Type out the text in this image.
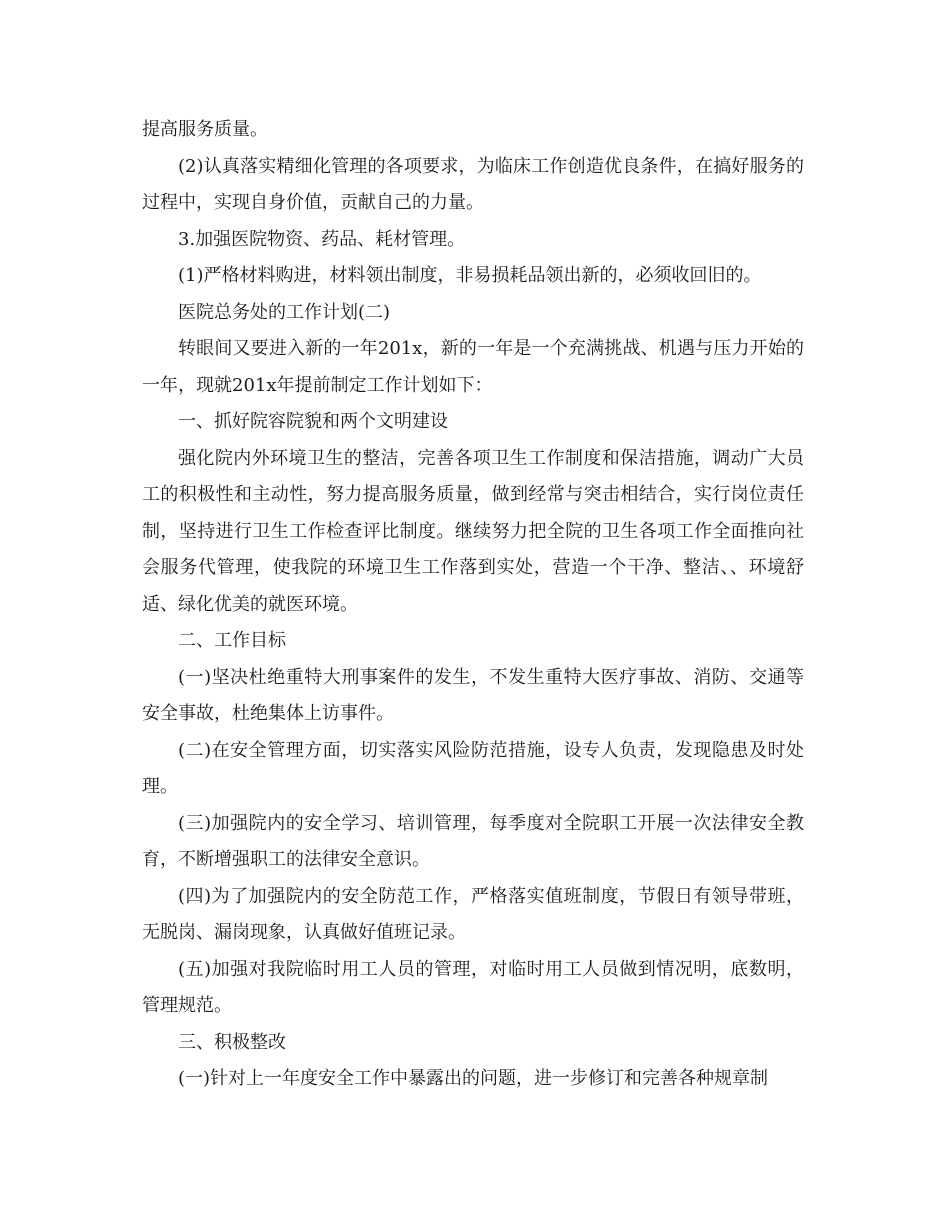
提高服务质量。

(2)认真落实精细化管理的各项要求，为临床工作创造优良条件，在搞好服务的过程中，实现自身价值，贡献自己的力量。

3.加强医院物资、药品、耗材管理。

(1)严格材料购进，材料领出制度，非易损耗品领出新的，必须收回旧的。

医院总务处的工作计划(二)

转眼间又要进入新的一年201x，新的一年是一个充满挑战、机遇与压力开始的一年，现就201x年提前制定工作计划如下：

一、抓好院容院貌和两个文明建设

强化院内外环境卫生的整洁，完善各项卫生工作制度和保洁措施，调动广大员工的积极性和主动性，努力提高服务质量，做到经常与突击相结合，实行岗位责任制，坚持进行卫生工作检查评比制度。继续努力把全院的卫生各项工作全面推向社会服务代管理，使我院的环境卫生工作落到实处，营造一个干净、整洁、、环境舒适、绿化优美的就医环境。

二、工作目标

(一)坚决杜绝重特大刑事案件的发生，不发生重特大医疗事故、消防、交通等安全事故，杜绝集体上访事件。

(二)在安全管理方面，切实落实风险防范措施，设专人负责，发现隐患及时处理。

(三)加强院内的安全学习、培训管理，每季度对全院职工开展一次法律安全教育，不断增强职工的法律安全意识。

(四)为了加强院内的安全防范工作，严格落实值班制度，节假日有领导带班，无脱岗、漏岗现象，认真做好值班记录。

(五)加强对我院临时用工人员的管理，对临时用工人员做到情况明，底数明，管理规范。

三、积极整改

(一)针对上一年度安全工作中暴露出的问题，进一步修订和完善各种规章制
